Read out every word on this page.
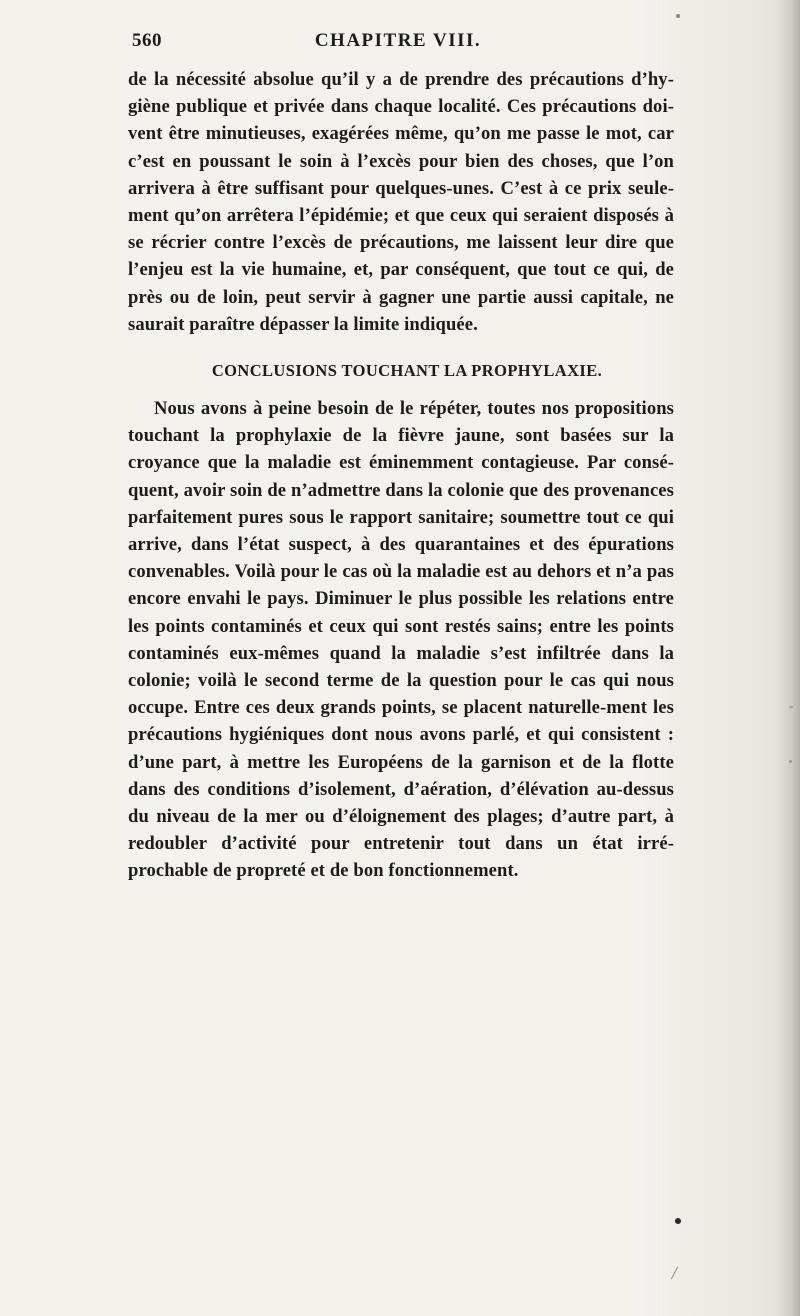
560	CHAPITRE VIII.

de la nécessité absolue qu’il y a de prendre des précautions d’hy-giène publique et privée dans chaque localité. Ces précautions doi-vent être minutieuses, exagérées même, qu’on me passe le mot, car c’est en poussant le soin à l’excès pour bien des choses, que l’on arrivera à être suffisant pour quelques-unes. C’est à ce prix seule-ment qu’on arrêtera l’épidémie; et que ceux qui seraient disposés à se récrier contre l’excès de précautions, me laissent leur dire que l’enjeu est la vie humaine, et, par conséquent, que tout ce qui, de près ou de loin, peut servir à gagner une partie aussi capitale, ne saurait paraître dépasser la limite indiquée.

CONCLUSIONS TOUCHANT LA PROPHYLAXIE.

Nous avons à peine besoin de le répéter, toutes nos propositions touchant la prophylaxie de la fièvre jaune, sont basées sur la croyance que la maladie est éminemment contagieuse. Par consé-quent, avoir soin de n’admettre dans la colonie que des provenances parfaitement pures sous le rapport sanitaire; soumettre tout ce qui arrive, dans l’état suspect, à des quarantaines et des épurations convenables. Voilà pour le cas où la maladie est au dehors et n’a pas encore envahi le pays. Diminuer le plus possible les relations entre les points contaminés et ceux qui sont restés sains; entre les points contaminés eux-mêmes quand la maladie s’est infiltrée dans la colonie; voilà le second terme de la question pour le cas qui nous occupe. Entre ces deux grands points, se placent naturelle-ment les précautions hygiéniques dont nous avons parlé, et qui consistent : d’une part, à mettre les Européens de la garnison et de la flotte dans des conditions d’isolement, d’aération, d’élévation au-dessus du niveau de la mer ou d’éloignement des plages; d’autre part, à redoubler d’activité pour entretenir tout dans un état irré-prochable de propreté et de bon fonctionnement.
